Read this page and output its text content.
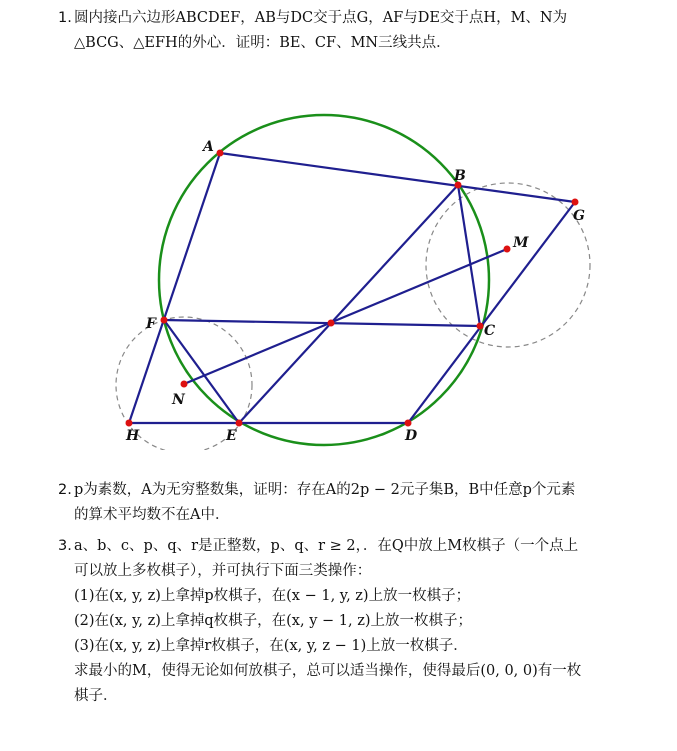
1. 圆内接凸六边形ABCDEF，AB与DC交于点G，AF与DE交于点H，M、N为
△BCG、△EFH的外心．证明：BE、CF、MN三线共点．
A
B
G
M
C
F
N
H	E	D
2. p为素数，A为无穷整数集，证明：存在A的2p − 2元子集B，B中任意p个元素
的算术平均数不在A中．
3. a、b、c、p、q、r是正整数，p、q、r ≥ 2，．在Q中放上M枚棋子（一个点上
可以放上多枚棋子），并可执行下面三类操作：
(1)在(x, y, z)上拿掉p枚棋子，在(x − 1, y, z)上放一枚棋子；
(2)在(x, y, z)上拿掉q枚棋子，在(x, y − 1, z)上放一枚棋子；
(3)在(x, y, z)上拿掉r枚棋子，在(x, y, z − 1)上放一枚棋子．
求最小的M，使得无论如何放棋子，总可以适当操作，使得最后(0, 0, 0)有一枚
棋子．
